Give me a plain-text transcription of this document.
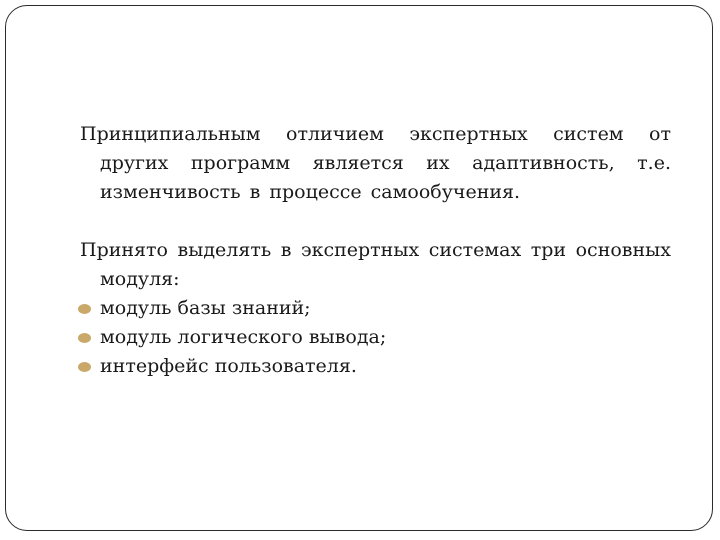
Принципиальным отличием экспертных систем от других программ является их адаптивность, т.е. изменчивость в процессе самообучения.

Принято выделять в экспертных системах три основных модуля:

модуль базы знаний;
модуль логического вывода;
интерфейс пользователя.
